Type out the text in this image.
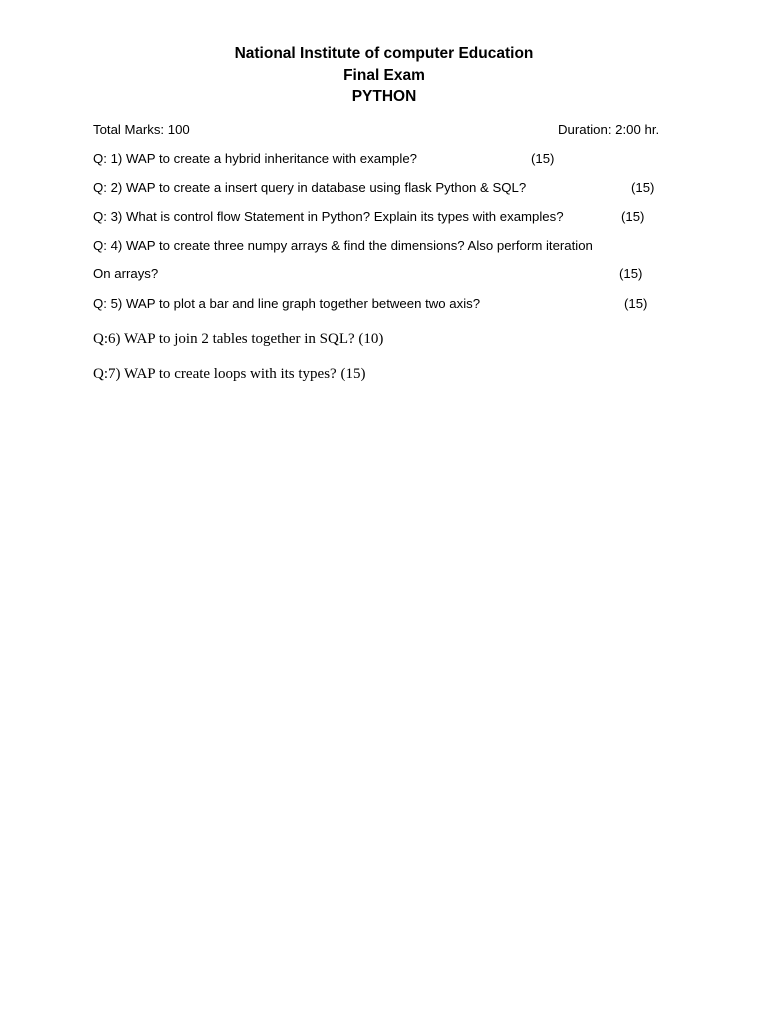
National Institute of computer Education
Final Exam
PYTHON
Total Marks: 100	Duration: 2:00 hr.
Q: 1) WAP to create a hybrid inheritance with example?	(15)
Q: 2) WAP to create a insert query in database using flask Python & SQL?	(15)
Q: 3) What is control flow Statement in Python? Explain its types with examples?	(15)
Q: 4) WAP to create three numpy arrays & find the dimensions? Also perform iteration
On arrays?	(15)
Q: 5) WAP to plot a bar and line graph together between two axis?	(15)
Q:6) WAP to join 2 tables together in SQL? (10)
Q:7) WAP to create loops with its types? (15)
